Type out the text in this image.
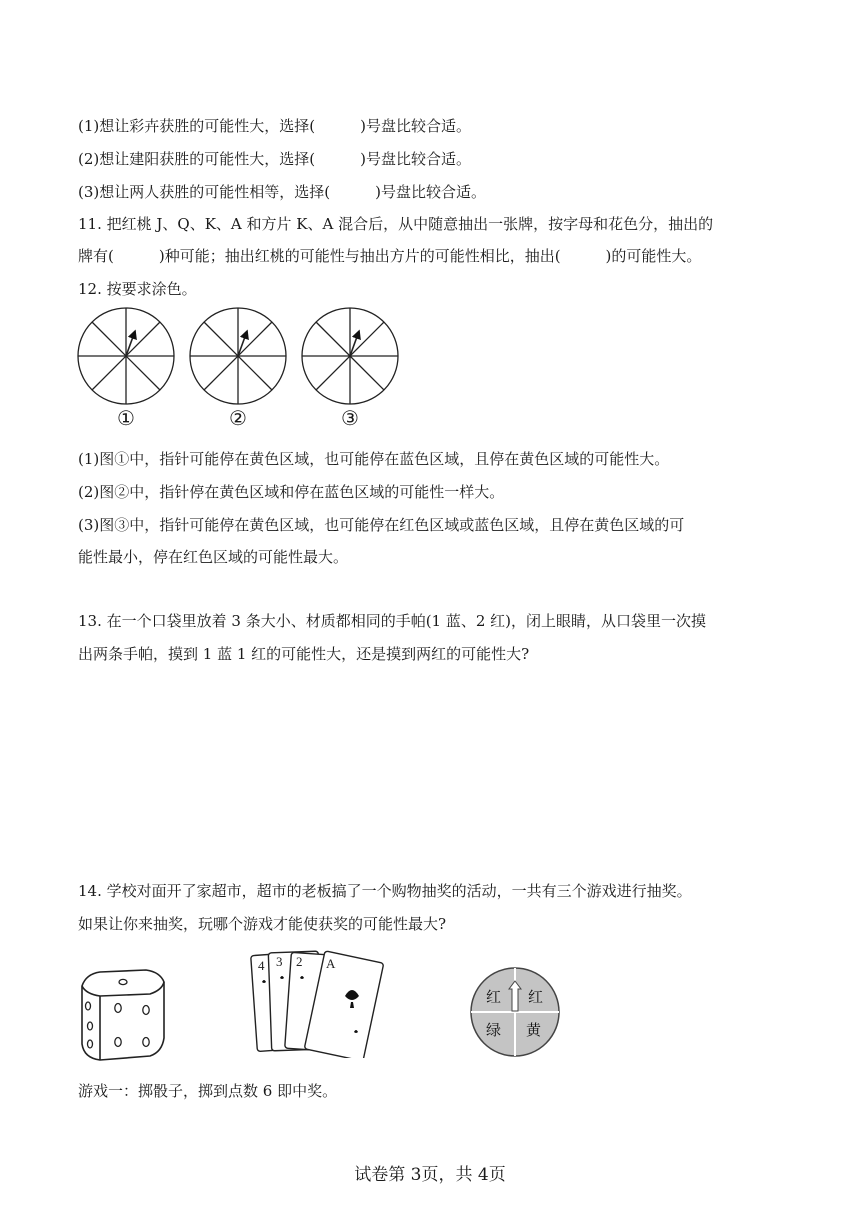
(1)想让彩卉获胜的可能性大，选择(　　　)号盘比较合适。
(2)想让建阳获胜的可能性大，选择(　　　)号盘比较合适。
(3)想让两人获胜的可能性相等，选择(　　　)号盘比较合适。
11. 把红桃 J、Q、K、A 和方片 K、A 混合后，从中随意抽出一张牌，按字母和花色分，抽出的
牌有(　　　)种可能；抽出红桃的可能性与抽出方片的可能性相比，抽出(　　　)的可能性大。
12. 按要求涂色。
①	②	③
(1)图①中，指针可能停在黄色区域，也可能停在蓝色区域，且停在黄色区域的可能性大。
(2)图②中，指针停在黄色区域和停在蓝色区域的可能性一样大。
(3)图③中，指针可能停在黄色区域，也可能停在红色区域或蓝色区域，且停在黄色区域的可
能性最小，停在红色区域的可能性最大。
13. 在一个口袋里放着 3 条大小、材质都相同的手帕(1 蓝、2 红)，闭上眼睛，从口袋里一次摸
出两条手帕，摸到 1 蓝 1 红的可能性大，还是摸到两红的可能性大?
14. 学校对面开了家超市，超市的老板搞了一个购物抽奖的活动，一共有三个游戏进行抽奖。
如果让你来抽奖，玩哪个游戏才能使获奖的可能性最大?
4 3 2 A
红 红
绿 黄
游戏一：掷骰子，掷到点数 6 即中奖。
试卷第 3页，共 4页
